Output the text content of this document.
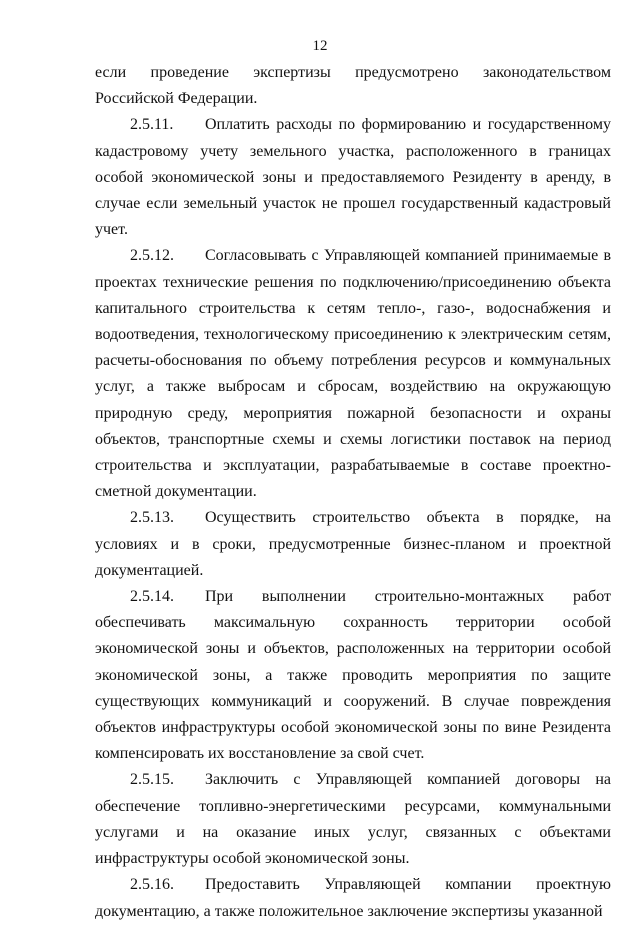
12

если проведение экспертизы предусмотрено законодательством Российской Федерации.

2.5.11. Оплатить расходы по формированию и государственному кадастровому учету земельного участка, расположенного в границах особой экономической зоны и предоставляемого Резиденту в аренду, в случае если земельный участок не прошел государственный кадастровый учет.

2.5.12. Согласовывать с Управляющей компанией принимаемые в проектах технические решения по подключению/присоединению объекта капитального строительства к сетям тепло-, газо-, водоснабжения и водоотведения, технологическому присоединению к электрическим сетям, расчеты-обоснования по объему потребления ресурсов и коммунальных услуг, а также выбросам и сбросам, воздействию на окружающую природную среду, мероприятия пожарной безопасности и охраны объектов, транспортные схемы и схемы логистики поставок на период строительства и эксплуатации, разрабатываемые в составе проектно-сметной документации.

2.5.13. Осуществить строительство объекта в порядке, на условиях и в сроки, предусмотренные бизнес-планом и проектной документацией.

2.5.14. При выполнении строительно-монтажных работ обеспечивать максимальную сохранность территории особой экономической зоны и объектов, расположенных на территории особой экономической зоны, а также проводить мероприятия по защите существующих коммуникаций и сооружений. В случае повреждения объектов инфраструктуры особой экономической зоны по вине Резидента компенсировать их восстановление за свой счет.

2.5.15. Заключить с Управляющей компанией договоры на обеспечение топливно-энергетическими ресурсами, коммунальными услугами и на оказание иных услуг, связанных с объектами инфраструктуры особой экономической зоны.

2.5.16. Предоставить Управляющей компании проектную документацию, а также положительное заключение экспертизы указанной
